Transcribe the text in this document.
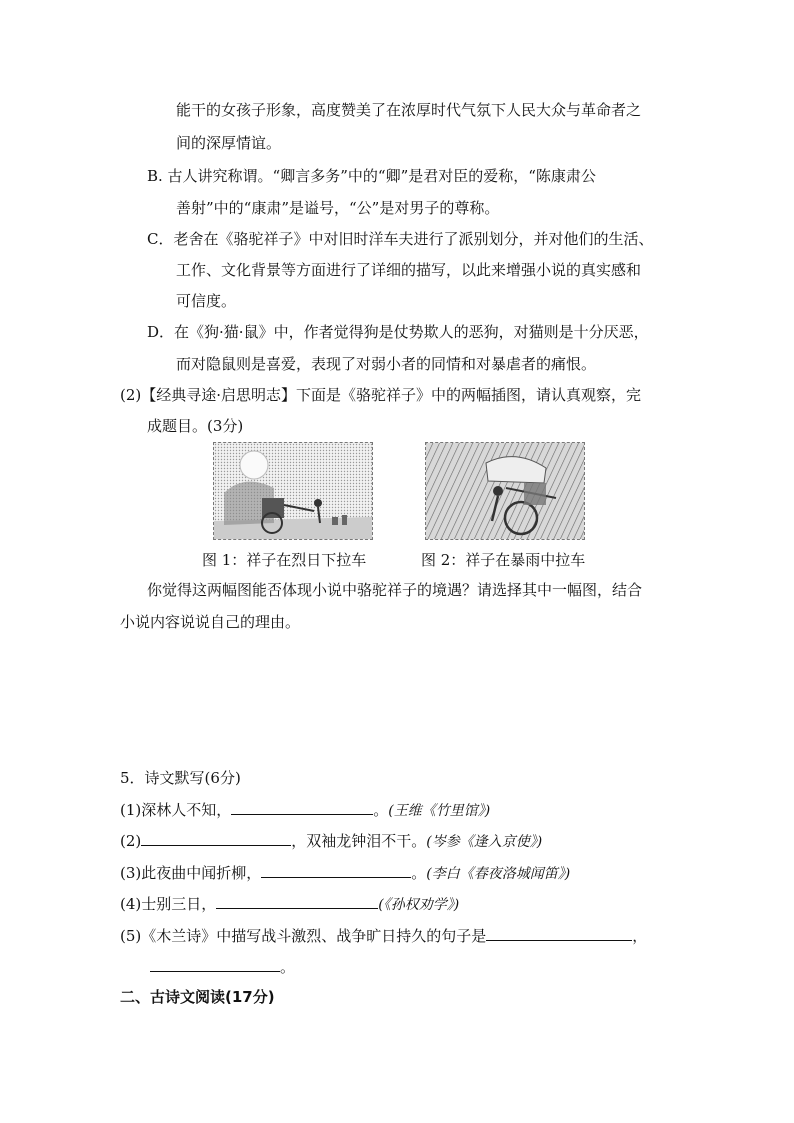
能干的女孩子形象，高度赞美了在浓厚时代气氛下人民大众与革命者之
间的深厚情谊。
B. 古人讲究称谓。“卿言多务”中的“卿”是君对臣的爱称，“陈康肃公
善射”中的“康肃”是谥号，“公”是对男子的尊称。
C．老舍在《骆驼祥子》中对旧时洋车夫进行了派别划分，并对他们的生活、
工作、文化背景等方面进行了详细的描写，以此来增强小说的真实感和
可信度。
D．在《狗·猫·鼠》中，作者觉得狗是仗势欺人的恶狗，对猫则是十分厌恶，
而对隐鼠则是喜爱，表现了对弱小者的同情和对暴虐者的痛恨。
(2)【经典寻途·启思明志】下面是《骆驼祥子》中的两幅插图，请认真观察，完
成题目。(3分)
图 1：祥子在烈日下拉车	图 2：祥子在暴雨中拉车
你觉得这两幅图能否体现小说中骆驼祥子的境遇？请选择其中一幅图，结合
小说内容说说自己的理由。
5．诗文默写(6分)
(1)深林人不知，	。(王维《竹里馆》)
(2)	，双袖龙钟泪不干。(岑参《逢入京使》)
(3)此夜曲中闻折柳，	。(李白《春夜洛城闻笛》)
(4)士别三日，	(《孙权劝学》)
(5)《木兰诗》中描写战斗激烈、战争旷日持久的句子是	，
。
二、古诗文阅读(17分)
